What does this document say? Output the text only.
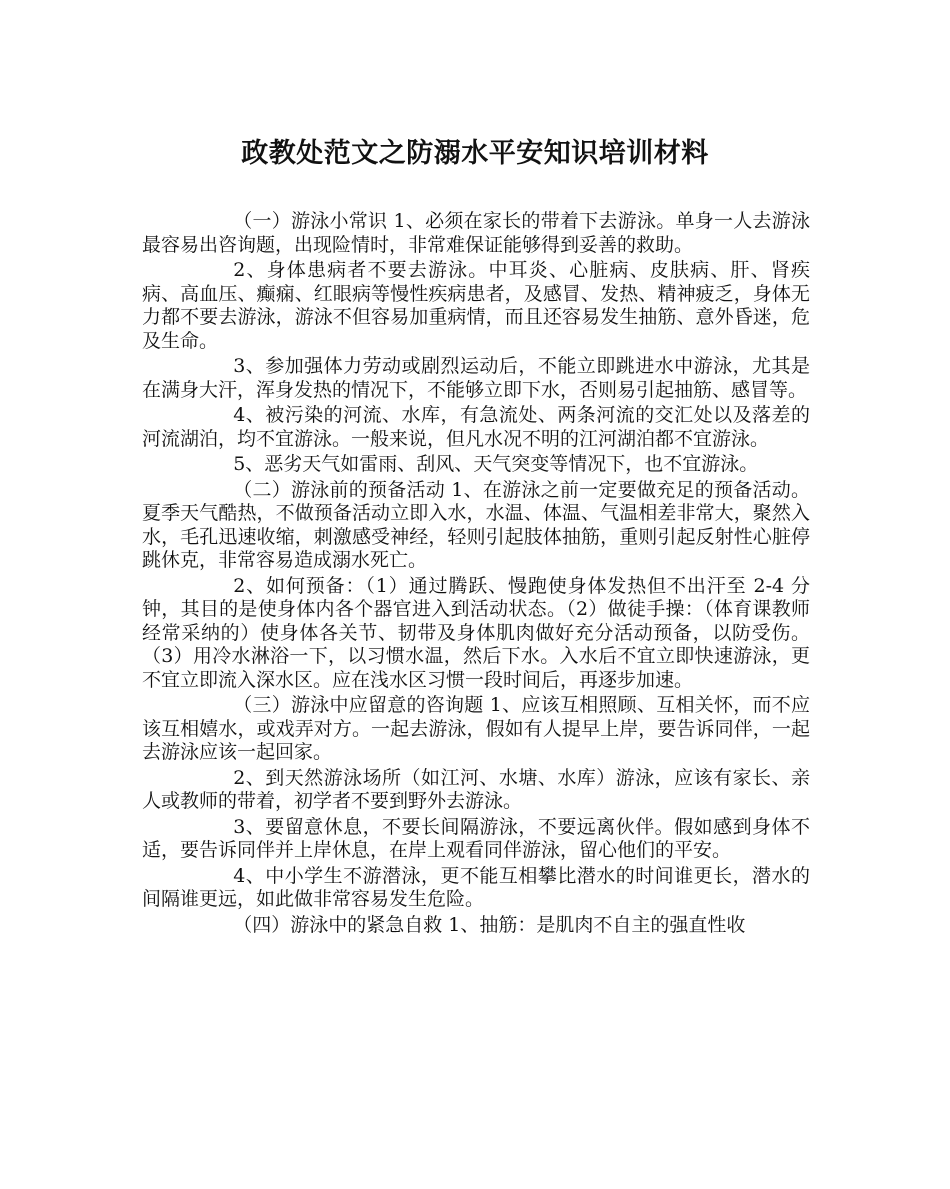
政教处范文之防溺水平安知识培训材料

（一）游泳小常识 1、必须在家长的带着下去游泳。单身一人去游泳最容易出咨询题，出现险情时，非常难保证能够得到妥善的救助。

2、身体患病者不要去游泳。中耳炎、心脏病、皮肤病、肝、肾疾病、高血压、癫痫、红眼病等慢性疾病患者，及感冒、发热、精神疲乏，身体无力都不要去游泳，游泳不但容易加重病情，而且还容易发生抽筋、意外昏迷，危及生命。

3、参加强体力劳动或剧烈运动后，不能立即跳进水中游泳，尤其是在满身大汗，浑身发热的情况下，不能够立即下水，否则易引起抽筋、感冒等。

4、被污染的河流、水库，有急流处、两条河流的交汇处以及落差的河流湖泊，均不宜游泳。一般来说，但凡水况不明的江河湖泊都不宜游泳。

5、恶劣天气如雷雨、刮风、天气突变等情况下，也不宜游泳。

（二）游泳前的预备活动 1、在游泳之前一定要做充足的预备活动。夏季天气酷热，不做预备活动立即入水，水温、体温、气温相差非常大，聚然入水，毛孔迅速收缩，刺激感受神经，轻则引起肢体抽筋，重则引起反射性心脏停跳休克，非常容易造成溺水死亡。

2、如何预备：（1）通过腾跃、慢跑使身体发热但不出汗至 2-4 分钟，其目的是使身体内各个器官进入到活动状态。（2）做徒手操：（体育课教师经常采纳的）使身体各关节、韧带及身体肌肉做好充分活动预备，以防受伤。（3）用冷水淋浴一下，以习惯水温，然后下水。入水后不宜立即快速游泳，更不宜立即流入深水区。应在浅水区习惯一段时间后，再逐步加速。

（三）游泳中应留意的咨询题 1、应该互相照顾、互相关怀，而不应该互相嬉水，或戏弄对方。一起去游泳，假如有人提早上岸，要告诉同伴，一起去游泳应该一起回家。

2、到天然游泳场所（如江河、水塘、水库）游泳，应该有家长、亲人或教师的带着，初学者不要到野外去游泳。

3、要留意休息，不要长间隔游泳，不要远离伙伴。假如感到身体不适，要告诉同伴并上岸休息，在岸上观看同伴游泳，留心他们的平安。

4、中小学生不游潜泳，更不能互相攀比潜水的时间谁更长，潜水的间隔谁更远，如此做非常容易发生危险。

（四）游泳中的紧急自救 1、抽筋：是肌肉不自主的强直性收
